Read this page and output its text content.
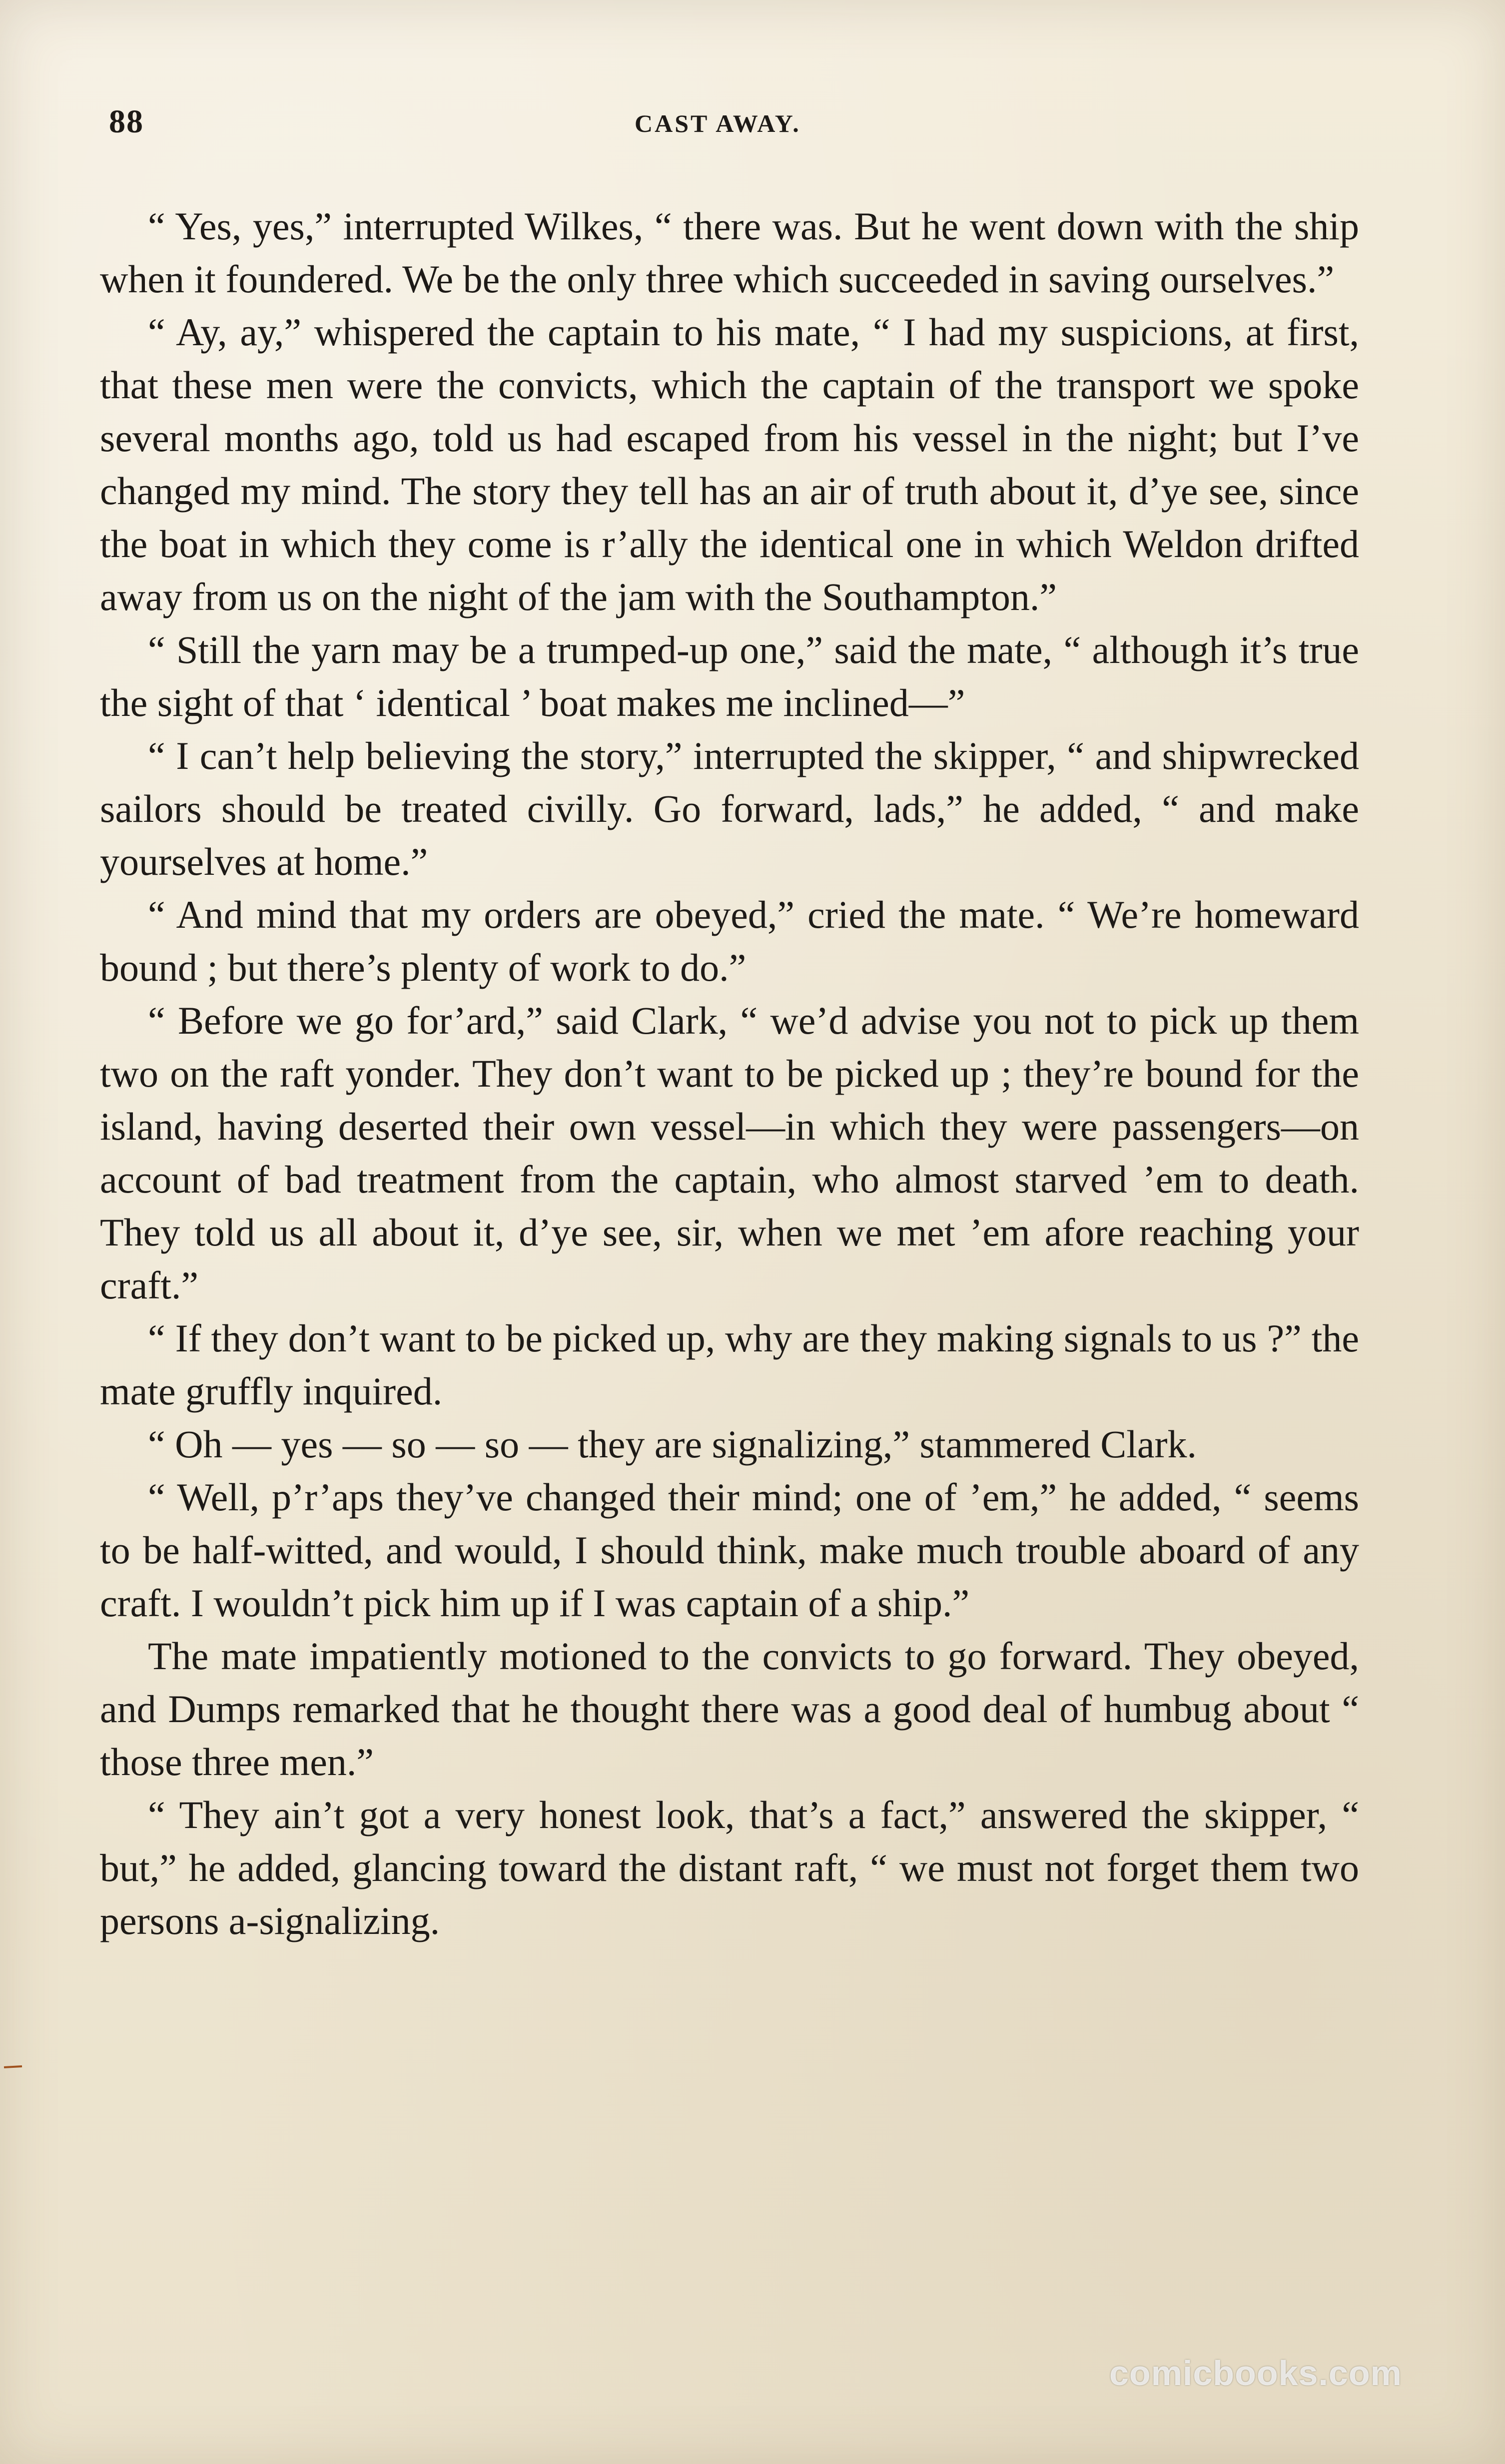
88	CAST AWAY.

“ Yes, yes,” interrupted Wilkes, “ there was. But he went down with the ship when it foundered. We be the only three which succeeded in saving ourselves.”

“ Ay, ay,” whispered the captain to his mate, “ I had my suspicions, at first, that these men were the convicts, which the captain of the transport we spoke several months ago, told us had escaped from his vessel in the night; but I’ve changed my mind. The story they tell has an air of truth about it, d’ye see, since the boat in which they come is r’ally the identical one in which Weldon drifted away from us on the night of the jam with the Southampton.”

“ Still the yarn may be a trumped-up one,” said the mate, “ although it’s true the sight of that ‘ identical ’ boat makes me inclined—”

“ I can’t help believing the story,” interrupted the skipper, “ and shipwrecked sailors should be treated civilly. Go forward, lads,” he added, “ and make yourselves at home.”

“ And mind that my orders are obeyed,” cried the mate. “ We’re homeward bound ; but there’s plenty of work to do.”

“ Before we go for’ard,” said Clark, “ we’d advise you not to pick up them two on the raft yonder. They don’t want to be picked up ; they’re bound for the island, having deserted their own vessel—in which they were passengers—on account of bad treatment from the captain, who almost starved ’em to death. They told us all about it, d’ye see, sir, when we met ’em afore reaching your craft.”

“ If they don’t want to be picked up, why are they making signals to us ?” the mate gruffly inquired.

“ Oh — yes — so — so — they are signalizing,” stammered Clark.

“ Well, p’r’aps they’ve changed their mind; one of ’em,” he added, “ seems to be half-witted, and would, I should think, make much trouble aboard of any craft. I wouldn’t pick him up if I was captain of a ship.”

The mate impatiently motioned to the convicts to go forward. They obeyed, and Dumps remarked that he thought there was a good deal of humbug about “ those three men.”

“ They ain’t got a very honest look, that’s a fact,” answered the skipper, “ but,” he added, glancing toward the distant raft, “ we must not forget them two persons a-signalizing.

comicbooks.com
